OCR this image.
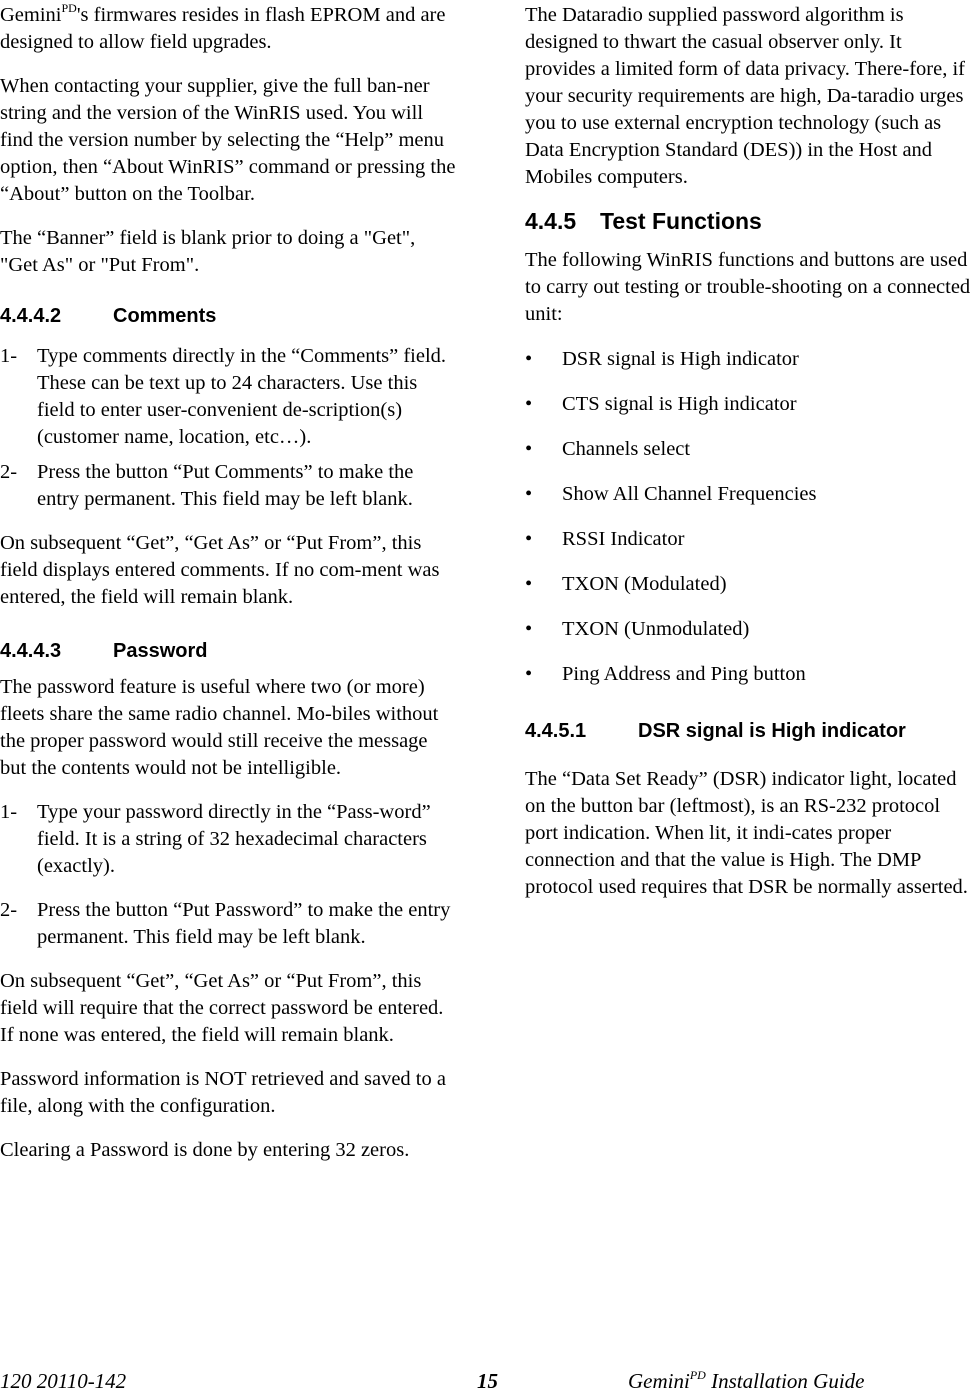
Gemini$^{PD}$'s firmwares resides in flash EPROM and are designed to allow field upgrades.

When contacting your supplier, give the full ban-ner string and the version of the WinRIS used. You will find the version number by selecting the “Help” menu option, then “About WinRIS” command or pressing the “About” button on the Toolbar.

The “Banner” field is blank prior to doing a "Get", "Get As" or "Put From".

4.4.4.2	Comments
1- Type comments directly in the “Comments” field. These can be text up to 24 characters. Use this field to enter user-convenient de-scription(s) (customer name, location, etc…).
2- Press the button “Put Comments” to make the entry permanent. This field may be left blank.

On subsequent “Get”, “Get As” or “Put From”, this field displays entered comments. If no com-ment was entered, the field will remain blank.

4.4.4.3	Password

The password feature is useful where two (or more) fleets share the same radio channel. Mo-biles without the proper password would still receive the message but the contents would not be intelligible.

1- Type your password directly in the “Pass-word” field. It is a string of 32 hexadecimal characters (exactly).
2- Press the button “Put Password” to make the entry permanent. This field may be left blank.

On subsequent “Get”, “Get As” or “Put From”, this field will require that the correct password be entered. If none was entered, the field will remain blank.

Password information is NOT retrieved and saved to a file, along with the configuration.

Clearing a Password is done by entering 32 zeros.

The Dataradio supplied password algorithm is designed to thwart the casual observer only. It provides a limited form of data privacy. There-fore, if your security requirements are high, Da-taradio urges you to use external encryption technology (such as Data Encryption Standard (DES)) in the Host and Mobiles computers.

4.4.5	Test Functions

The following WinRIS functions and buttons are used to carry out testing or trouble-shooting on a connected unit:

•	DSR signal is High indicator
•	CTS signal is High indicator
•	Channels select
•	Show All Channel Frequencies
•	RSSI Indicator
•	TXON (Modulated)
•	TXON (Unmodulated)
•	Ping Address and Ping button
4.4.5.1	DSR signal is High indicator

The “Data Set Ready” (DSR) indicator light, located on the button bar (leftmost), is an RS-232 protocol port indication. When lit, it indi-cates proper connection and that the value is High. The DMP protocol used requires that DSR be normally asserted.

120 20110-142	15	Gemini$^{PD}$ Installation Guide
